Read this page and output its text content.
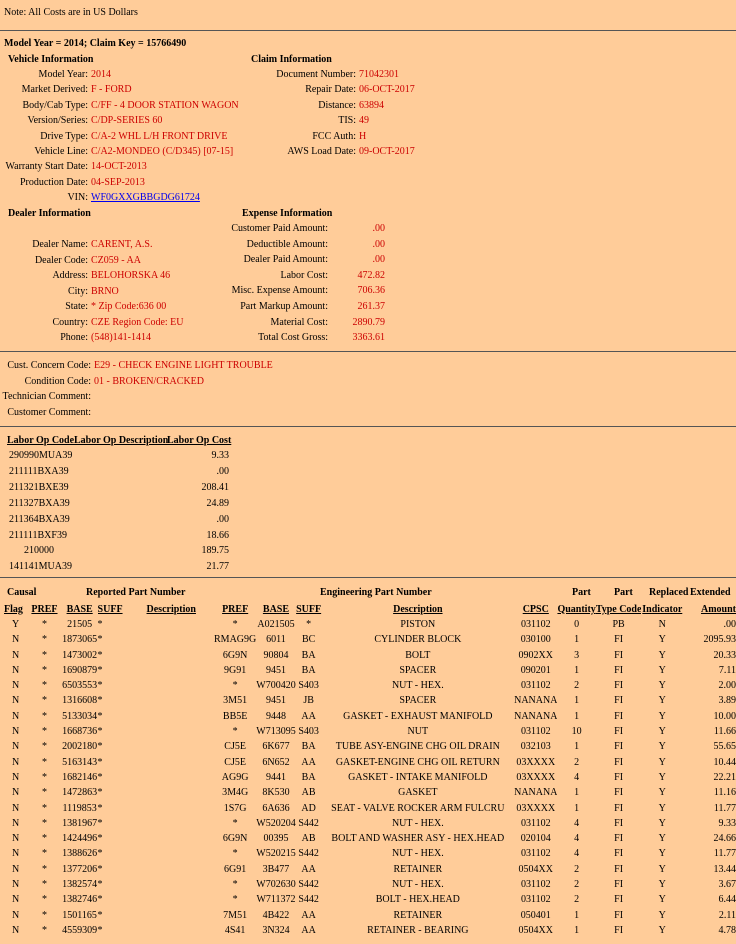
Note: All Costs are in US Dollars
Model Year = 2014; Claim Key = 15766490
Vehicle Information
Model Year: 2014
Market Derived: F - FORD
Body/Cab Type: C/FF - 4 DOOR STATION WAGON
Version/Series: C/DP-SERIES 60
Drive Type: C/A-2 WHL L/H FRONT DRIVE
Vehicle Line: C/A2-MONDEO (C/D345) [07-15]
Warranty Start Date: 14-OCT-2013
Production Date: 04-SEP-2013
VIN: WF0GXXGBBGDG61724
Claim Information
Document Number: 71042301
Repair Date: 06-OCT-2017
Distance: 63894
TIS: 49
FCC Auth: H
AWS Load Date: 09-OCT-2017
Dealer Information
Dealer Name: CARENT, A.S.
Dealer Code: CZ059 - AA
Address: BELOHORSKA 46
City: BRNO
State: * Zip Code:636 00
Country: CZE Region Code: EU
Phone: (548)141-1414
Expense Information
Customer Paid Amount:	.00
Deductible Amount:	.00
Dealer Paid Amount:	.00
Labor Cost:	472.82
Misc. Expense Amount:	706.36
Part Markup Amount:	261.37
Material Cost: 2890.79
Total Cost Gross: 3363.61
Cust. Concern Code: E29 - CHECK ENGINE LIGHT TROUBLE
Condition Code: 01 - BROKEN/CRACKED
Technician Comment:
Customer Comment:
Labor Op Code Labor Op Description
Labor Op Cost
290990MUA39	9.33
211111BXA39	.00
211321BXE39	208.41
211327BXA39	24.89
211364BXA39	.00
211111BXF39	18.66
210000	189.75
141141MUA39	21.77
Causal	Reported Part Number	Engineering Part Number	Part Part Replaced Extended
Flag	PREF	BASE	SUFF	Description	PREF	BASE	SUFF	Description	CPSC	Quantity	Type Code	Indicator	Amount
Y	*	21505	*		*	A021505	*	PISTON	031102	0	PB	N	.00
N	*	1873065	*		RMAG9G	6011	BC	CYLINDER BLOCK	030100	1	FI	Y	2095.93
N	*	1473002	*		6G9N	90804	BA	BOLT	0902XX	3	FI	Y	20.33
N	*	1690879	*		9G91	9451	BA	SPACER	090201	1	FI	Y	7.11
N	*	6503553	*		*	W700420	S403	NUT - HEX.	031102	2	FI	Y	2.00
N	*	1316608	*		3M51	9451	JB	SPACER	NANANA	1	FI	Y	3.89
N	*	5133034	*		BB5E	9448	AA	GASKET - EXHAUST MANIFOLD	NANANA	1	FI	Y	10.00
N	*	1668736	*		*	W713095	S403	NUT	031102	10	FI	Y	11.66
N	*	2002180	*		CJ5E	6K677	BA	TUBE ASY-ENGINE CHG OIL DRAIN	032103	1	FI	Y	55.65
N	*	5163143	*		CJ5E	6N652	AA	GASKET-ENGINE CHG OIL RETURN	03XXXX	2	FI	Y	10.44
N	*	1682146	*		AG9G	9441	BA	GASKET - INTAKE MANIFOLD	03XXXX	4	FI	Y	22.21
N	*	1472863	*		3M4G	8K530	AB	GASKET	NANANA	1	FI	Y	11.16
N	*	1119853	*		1S7G	6A636	AD	SEAT - VALVE ROCKER ARM FULCRU	03XXXX	1	FI	Y	11.77
N	*	1381967	*		*	W520204	S442	NUT - HEX.	031102	4	FI	Y	9.33
N	*	1424496	*		6G9N	00395	AB	BOLT AND WASHER ASY - HEX.HEAD	020104	4	FI	Y	24.66
N	*	1388626	*		*	W520215	S442	NUT - HEX.	031102	4	FI	Y	11.77
N	*	1377206	*		6G91	3B477	AA	RETAINER	0504XX	2	FI	Y	13.44
N	*	1382574	*		*	W702630	S442	NUT - HEX.	031102	2	FI	Y	3.67
N	*	1382746	*		*	W711372	S442	BOLT - HEX.HEAD	031102	2	FI	Y	6.44
N	*	1501165	*		7M51	4B422	AA	RETAINER	050401	1	FI	Y	2.11
N	*	4559309	*		4S41	3N324	AA	RETAINER - BEARING	0504XX	1	FI	Y	4.78
